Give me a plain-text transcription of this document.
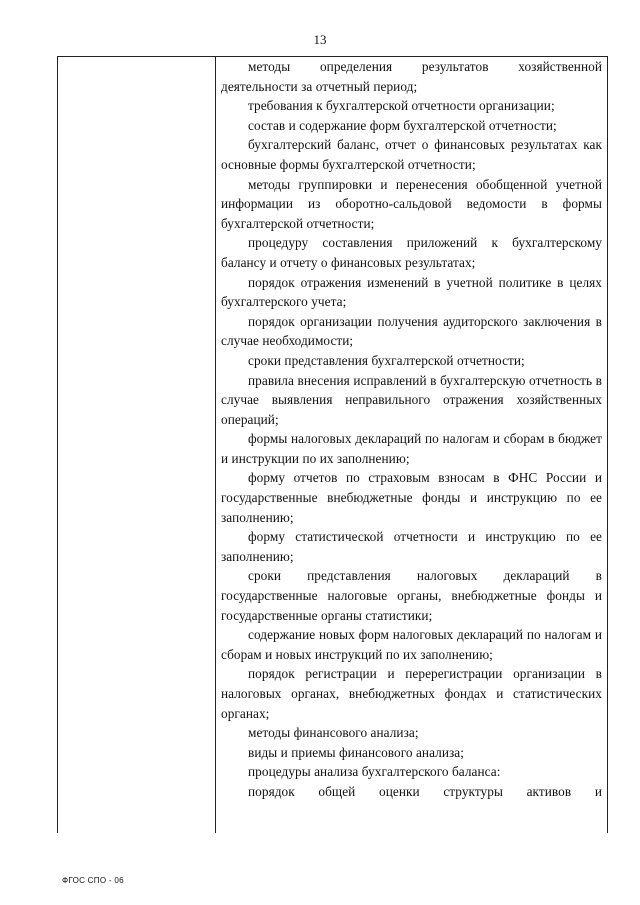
13

методы определения результатов хозяйственной деятельности за отчетный период;

требования к бухгалтерской отчетности организации;

состав и содержание форм бухгалтерской отчетности;

бухгалтерский баланс, отчет о финансовых результатах как основные формы бухгалтерской отчетности;

методы группировки и перенесения обобщенной учетной информации из оборотно-сальдовой ведомости в формы бухгалтерской отчетности;

процедуру составления приложений к бухгалтерскому балансу и отчету о финансовых результатах;

порядок отражения изменений в учетной политике в целях бухгалтерского учета;

порядок организации получения аудиторского заключения в случае необходимости;

сроки представления бухгалтерской отчетности;

правила внесения исправлений в бухгалтерскую отчетность в случае выявления неправильного отражения хозяйственных операций;

формы налоговых деклараций по налогам и сборам в бюджет и инструкции по их заполнению;

форму отчетов по страховым взносам в ФНС России и государственные внебюджетные фонды и инструкцию по ее заполнению;

форму статистической отчетности и инструкцию по ее заполнению;

сроки представления налоговых деклараций в государственные налоговые органы, внебюджетные фонды и государственные органы статистики;

содержание новых форм налоговых деклараций по налогам и сборам и новых инструкций по их заполнению;

порядок регистрации и перерегистрации организации в налоговых органах, внебюджетных фондах и статистических органах;

методы финансового анализа;

виды и приемы финансового анализа;

процедуры анализа бухгалтерского баланса:

порядок общей оценки структуры активов и

ФГОС СПО - 06
